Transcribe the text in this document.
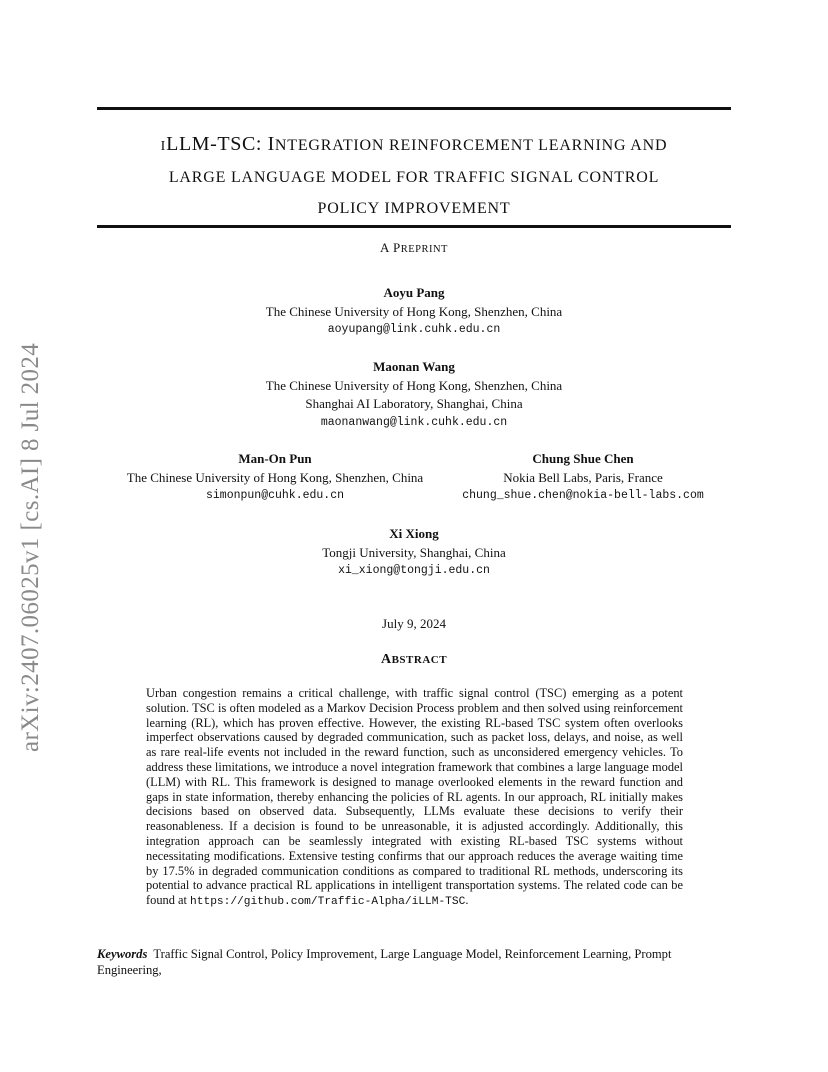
ILLM-TSC: INTEGRATION REINFORCEMENT LEARNING AND
LARGE LANGUAGE MODEL FOR TRAFFIC SIGNAL CONTROL
POLICY IMPROVEMENT
A PREPRINT
Aoyu Pang
The Chinese University of Hong Kong, Shenzhen, China
aoyupang@link.cuhk.edu.cn
Maonan Wang
The Chinese University of Hong Kong, Shenzhen, China
Shanghai AI Laboratory, Shanghai, China
maonanwang@link.cuhk.edu.cn
Man-On Pun
The Chinese University of Hong Kong, Shenzhen, China
simonpun@cuhk.edu.cn
Chung Shue Chen
Nokia Bell Labs, Paris, France
chung_shue.chen@nokia-bell-labs.com
Xi Xiong
Tongji University, Shanghai, China
xi_xiong@tongji.edu.cn
July 9, 2024
ABSTRACT
Urban congestion remains a critical challenge, with traffic signal control (TSC) emerging as a potent solution. TSC is often modeled as a Markov Decision Process problem and then solved using reinforcement learning (RL), which has proven effective. However, the existing RL-based TSC system often overlooks imperfect observations caused by degraded communication, such as packet loss, delays, and noise, as well as rare real-life events not included in the reward function, such as unconsidered emergency vehicles. To address these limitations, we introduce a novel integration framework that combines a large language model (LLM) with RL. This framework is designed to manage overlooked elements in the reward function and gaps in state information, thereby enhancing the policies of RL agents. In our approach, RL initially makes decisions based on observed data. Subsequently, LLMs evaluate these decisions to verify their reasonableness. If a decision is found to be unreasonable, it is adjusted accordingly. Additionally, this integration approach can be seamlessly integrated with existing RL-based TSC systems without necessitating modifications. Extensive testing confirms that our approach reduces the average waiting time by 17.5% in degraded communication conditions as compared to traditional RL methods, underscoring its potential to advance practical RL applications in intelligent transportation systems. The related code can be found at https://github.com/Traffic-Alpha/iLLM-TSC.
Keywords Traffic Signal Control, Policy Improvement, Large Language Model, Reinforcement Learning, Prompt Engineering,
arXiv:2407.06025v1 [cs.AI] 8 Jul 2024
